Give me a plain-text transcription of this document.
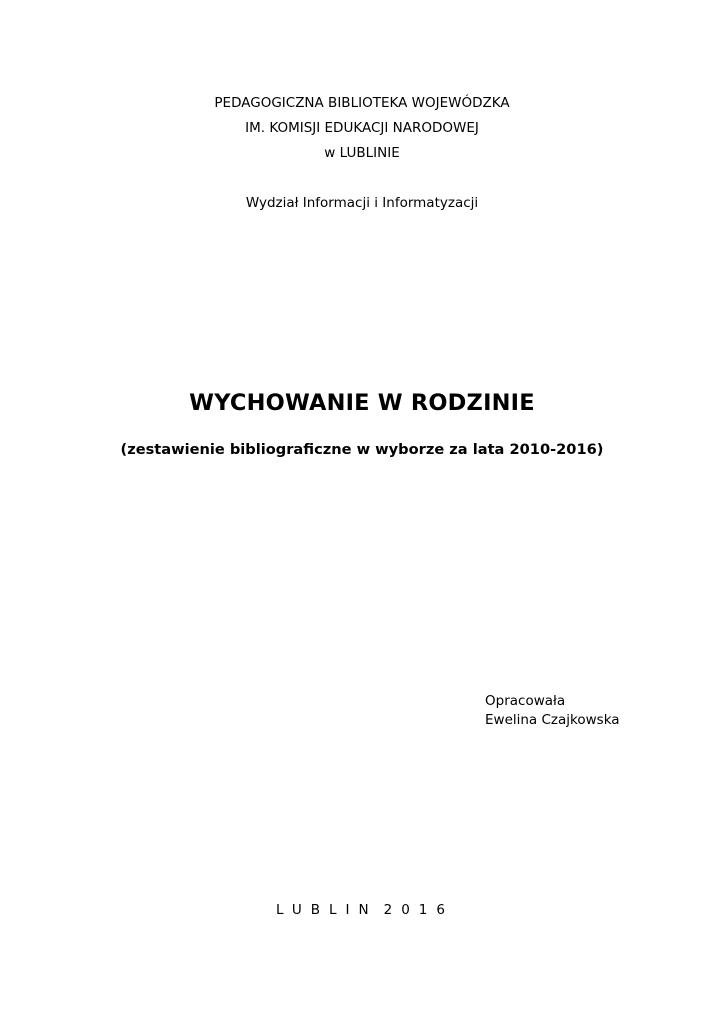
PEDAGOGICZNA BIBLIOTEKA WOJEWÓDZKA
IM. KOMISJI EDUKACJI NARODOWEJ
w LUBLINIE
Wydział Informacji i Informatyzacji
WYCHOWANIE W RODZINIE
(zestawienie bibliograficzne w wyborze za lata 2010-2016)
Opracowała
Ewelina Czajkowska
LUBLIN 2016
